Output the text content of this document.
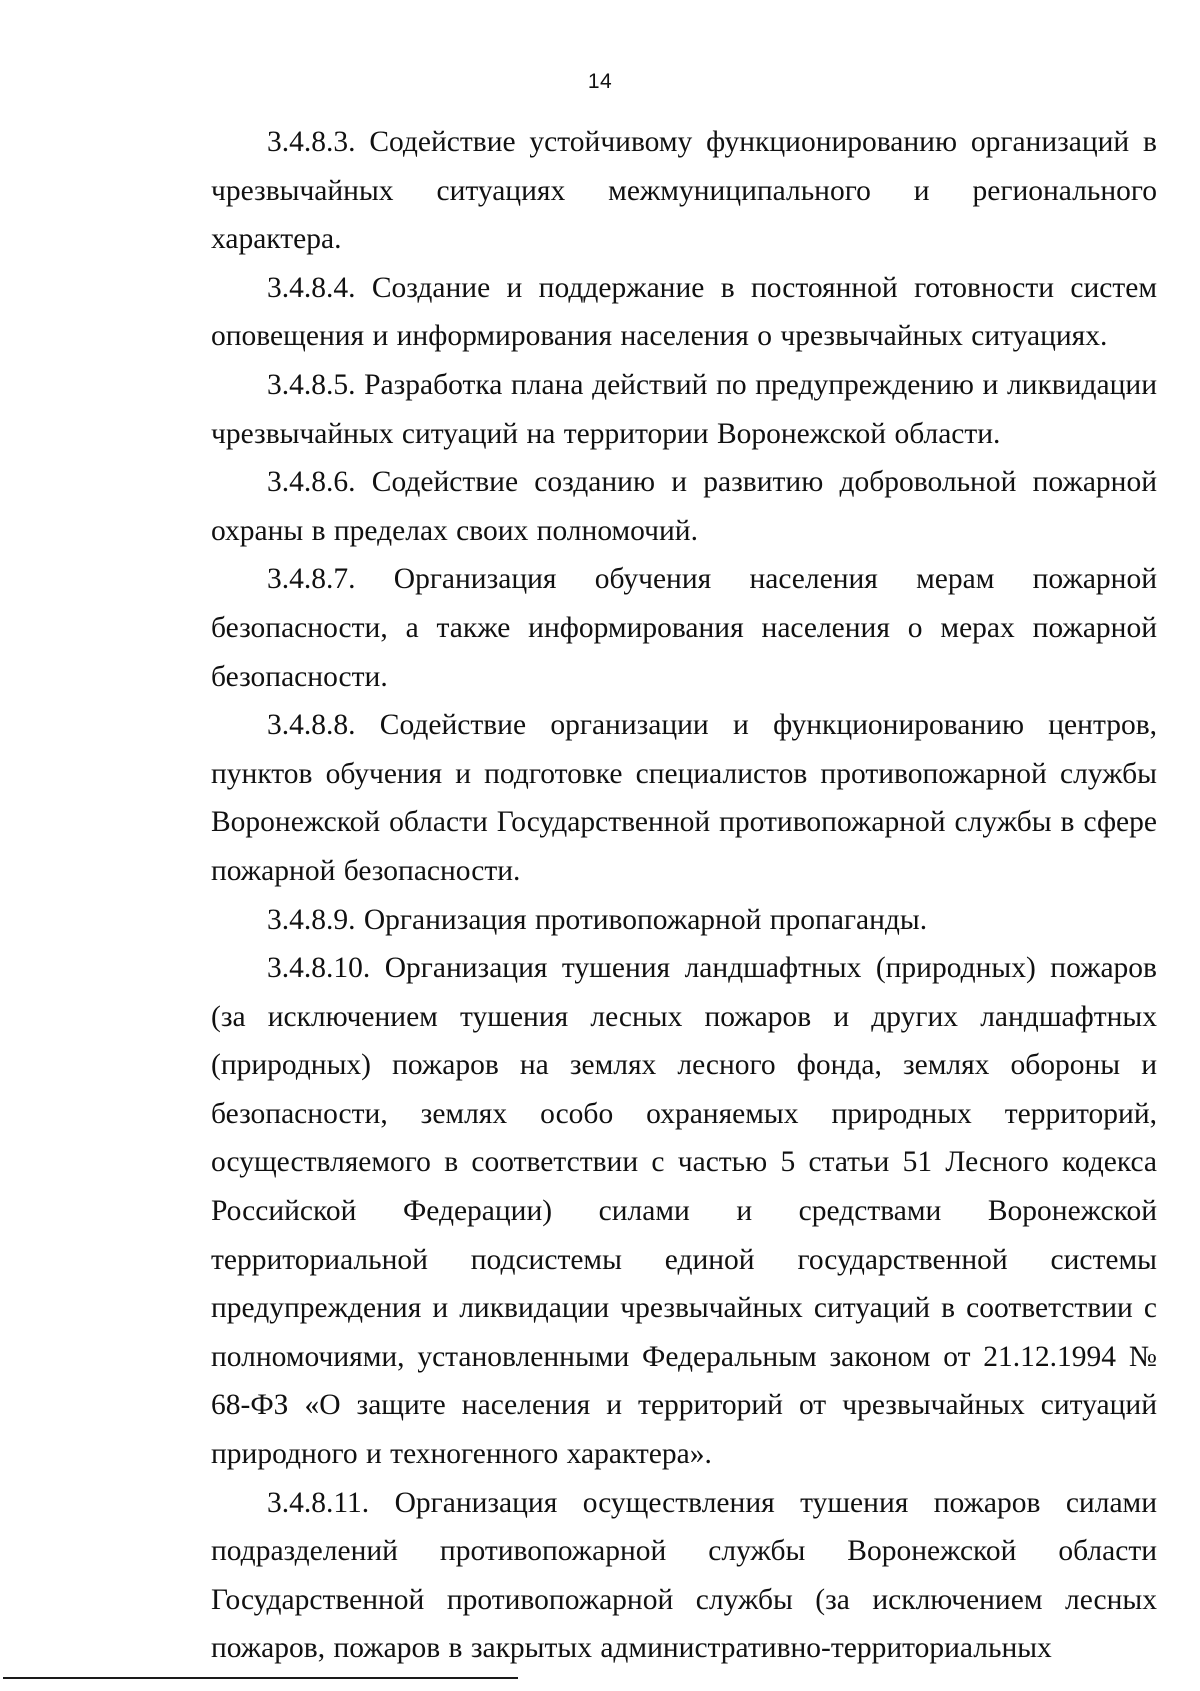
14

3.4.8.3. Содействие устойчивому функционированию организаций в чрезвычайных ситуациях межмуниципального и регионального характера.

3.4.8.4. Создание и поддержание в постоянной готовности систем оповещения и информирования населения о чрезвычайных ситуациях.

3.4.8.5. Разработка плана действий по предупреждению и ликвидации чрезвычайных ситуаций на территории Воронежской области.

3.4.8.6. Содействие созданию и развитию добровольной пожарной охраны в пределах своих полномочий.

3.4.8.7. Организация обучения населения мерам пожарной безопасности, а также информирования населения о мерах пожарной безопасности.

3.4.8.8. Содействие организации и функционированию центров, пунктов обучения и подготовке специалистов противопожарной службы Воронежской области Государственной противопожарной службы в сфере пожарной безопасности.

3.4.8.9. Организация противопожарной пропаганды.

3.4.8.10. Организация тушения ландшафтных (природных) пожаров (за исключением тушения лесных пожаров и других ландшафтных (природных) пожаров на землях лесного фонда, землях обороны и безопасности, землях особо охраняемых природных территорий, осуществляемого в соответствии с частью 5 статьи 51 Лесного кодекса Российской Федерации) силами и средствами Воронежской территориальной подсистемы единой государственной системы предупреждения и ликвидации чрезвычайных ситуаций в соответствии с полномочиями, установленными Федеральным законом от 21.12.1994 № 68-ФЗ «О защите населения и территорий от чрезвычайных ситуаций природного и техногенного характера».

3.4.8.11. Организация осуществления тушения пожаров силами подразделений противопожарной службы Воронежской области Государственной противопожарной службы (за исключением лесных пожаров, пожаров в закрытых административно-территориальных
